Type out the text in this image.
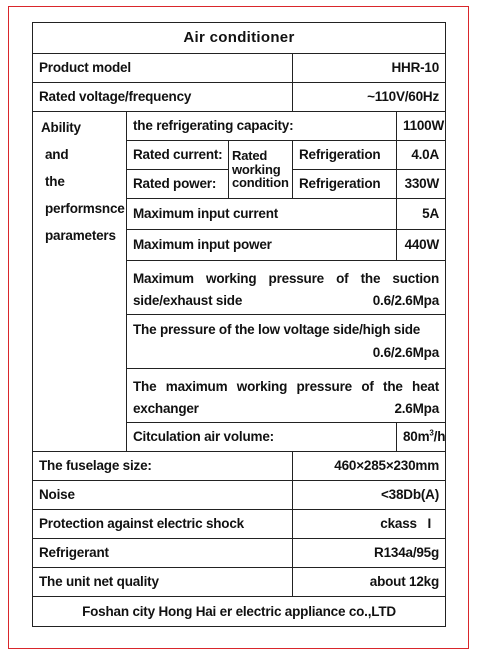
Air conditioner				
Product model			HHR-10	
Rated voltage/frequency			~110V/60Hz	

Ability
and
the
performsnce
parameters	the refrigerating capacity:			1100W
	Rated current:	Rated
working
condition	Refrigeration	4.0A
	Rated power:		Refrigeration	330W
	Maximum input current			5A
	Maximum input power			440W

	Maximum working pressure of the suction
side/exhaust side 0.6/2.6Mpa			

	The pressure of the low voltage side/high side
0.6/2.6Mpa			

	The maximum working pressure of the heat
exchanger 2.6Mpa			

	Citculation air volume:			$80m^3/h$
The fuselage size:			460×285×230mm	
Noise			<38Db(A)	
Protection against electric shock			ckass I	
Refrigerant			R134a/95g	
The unit net quality			about 12kg	
Foshan city Hong Hai er electric appliance co.,LTD				
